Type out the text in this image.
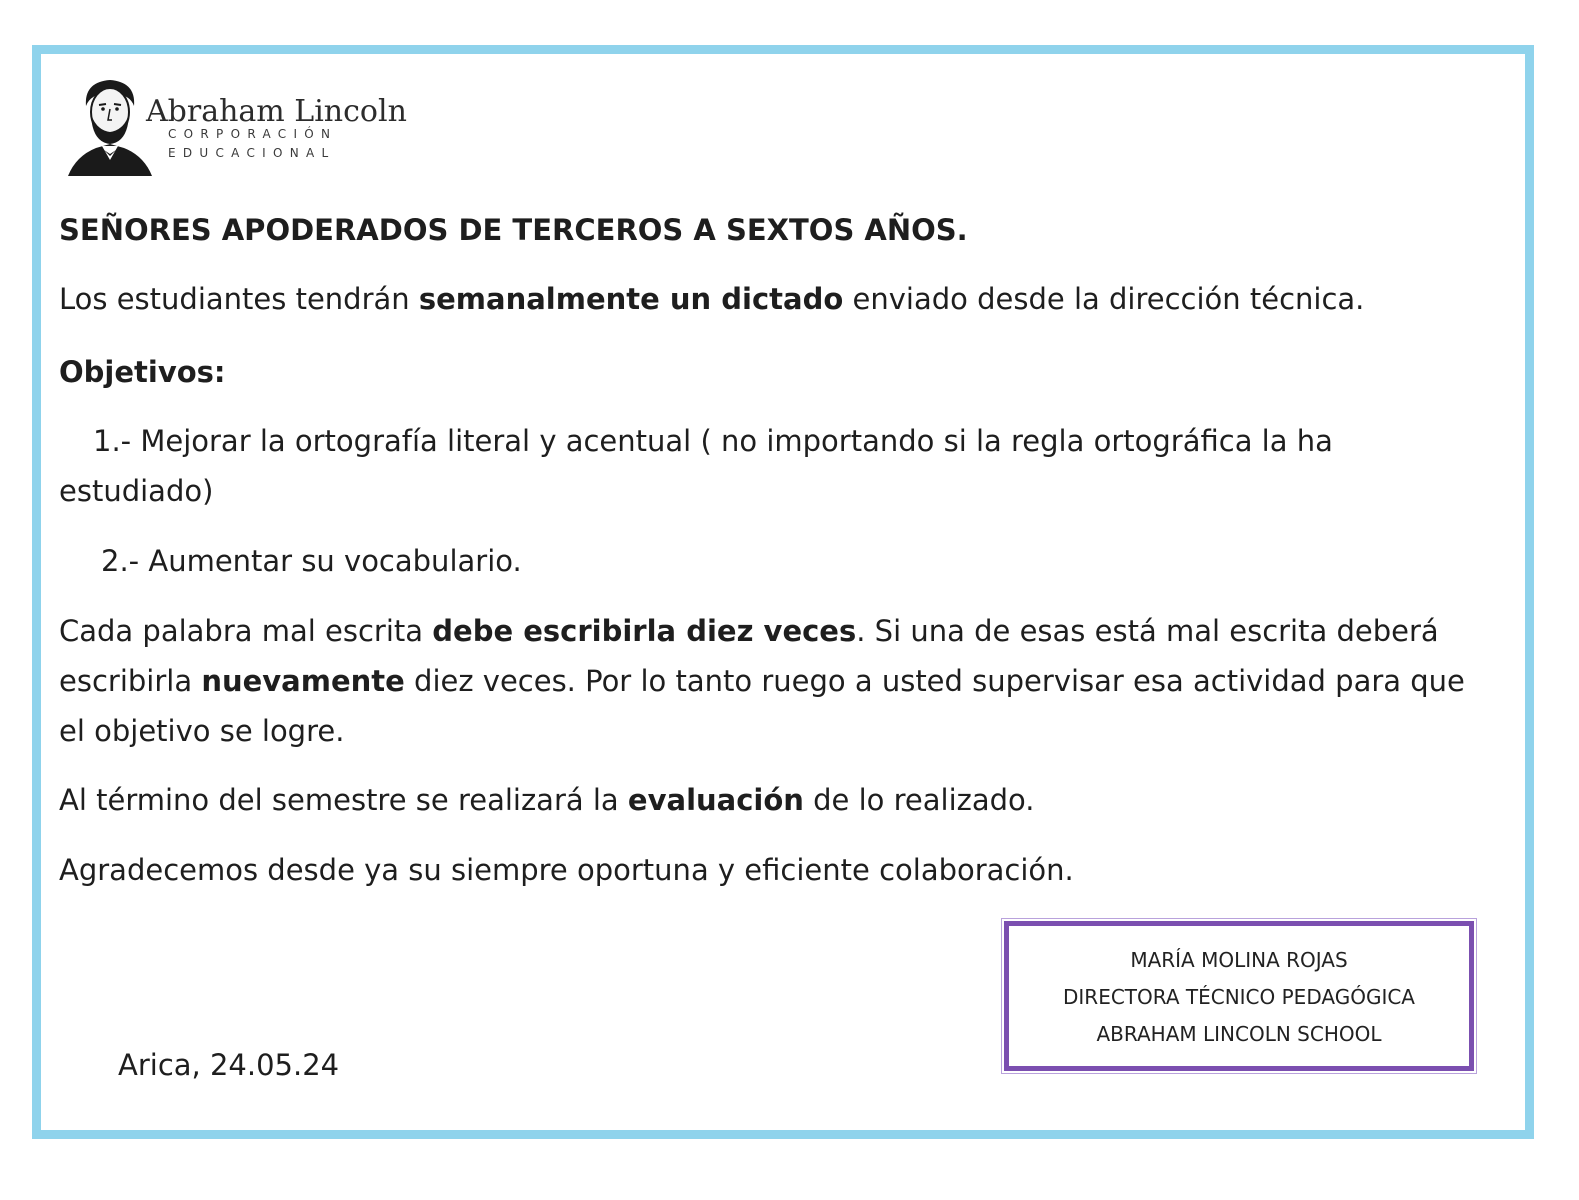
Abraham Lincoln
CORPORACIÓN
EDUCACIONAL
SEÑORES APODERADOS DE TERCEROS A SEXTOS AÑOS.
Los estudiantes tendrán semanalmente un dictado enviado desde la dirección técnica.
Objetivos:
1.- Mejorar la ortografía literal y acentual ( no importando si la regla ortográfica la ha
estudiado)
2.- Aumentar su vocabulario.
Cada palabra mal escrita debe escribirla diez veces. Si una de esas está mal escrita deberá
escribirla nuevamente diez veces. Por lo tanto ruego a usted supervisar esa actividad para que
el objetivo se logre.
Al término del semestre se realizará la evaluación de lo realizado.
Agradecemos desde ya su siempre oportuna y eficiente colaboración.
MARÍA MOLINA ROJAS
DIRECTORA TÉCNICO PEDAGÓGICA
ABRAHAM LINCOLN SCHOOL
Arica, 24.05.24
